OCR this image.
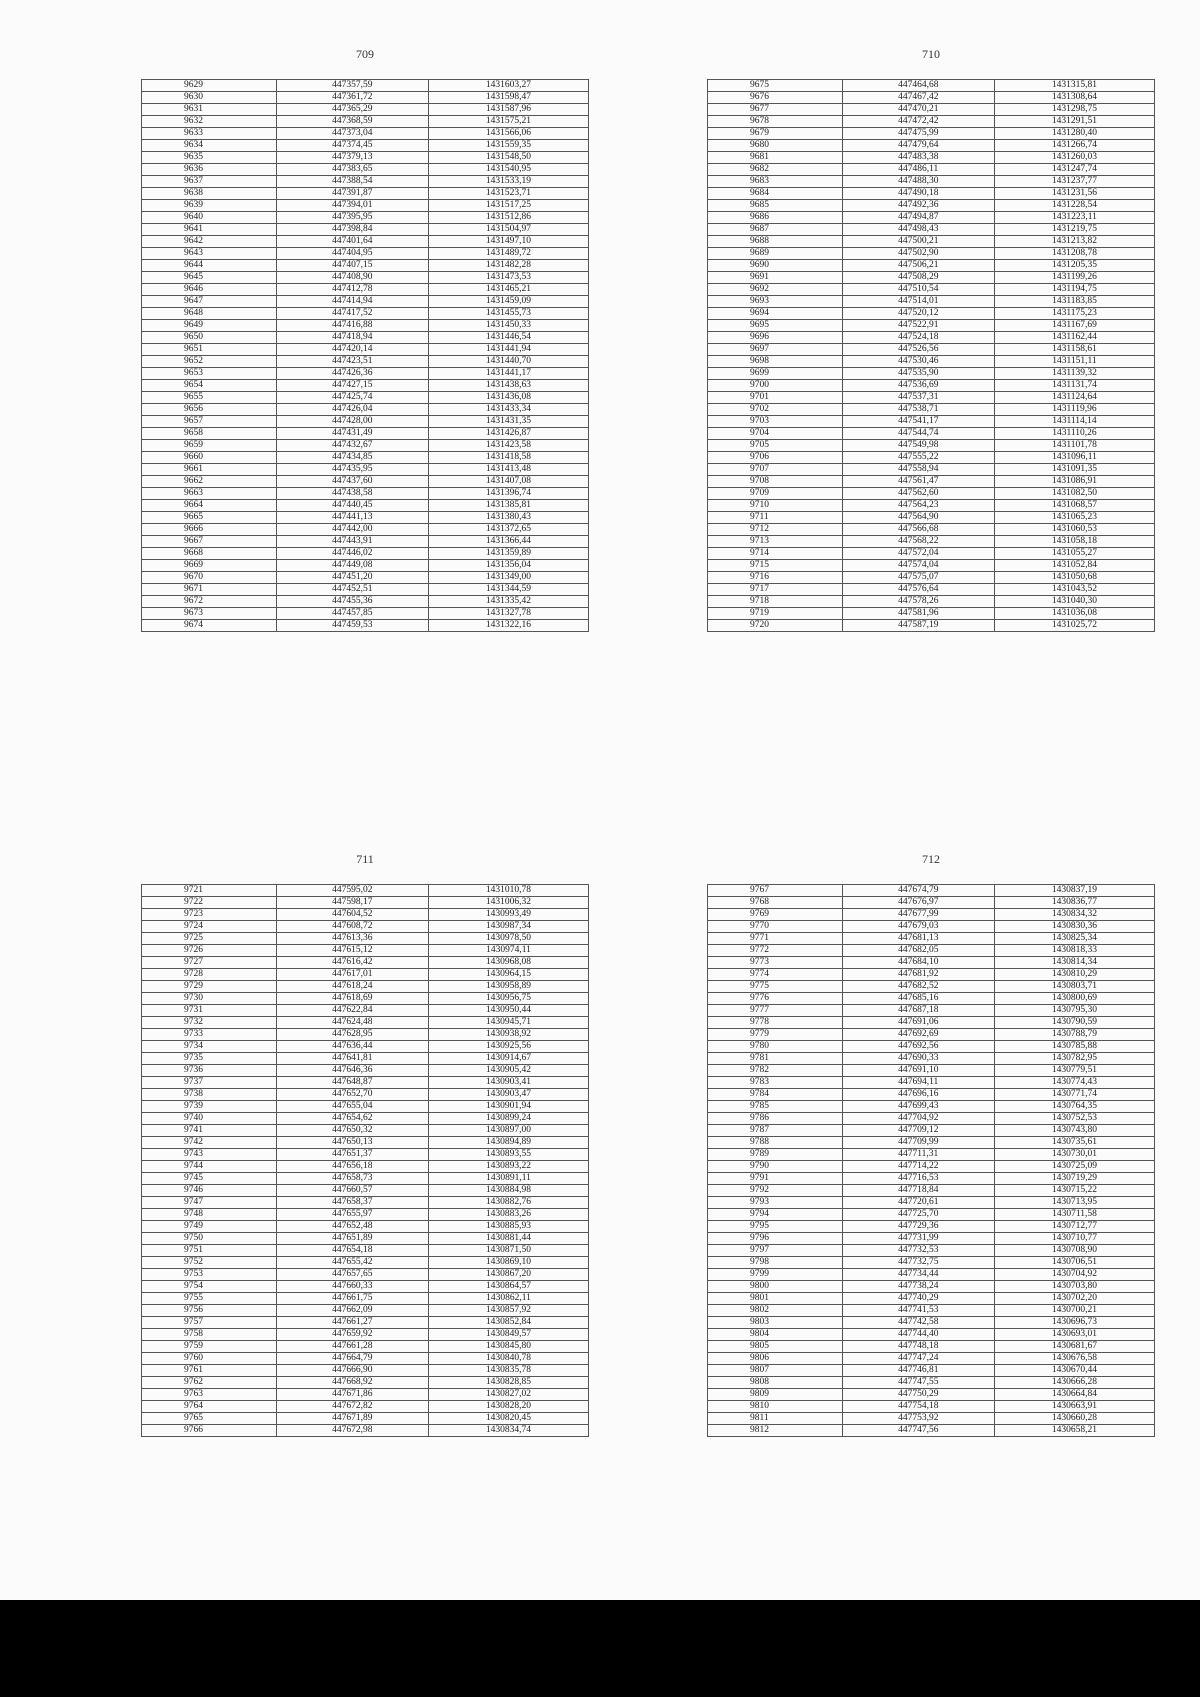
709
9629	447357,59	1431603,27
9630	447361,72	1431598,47
9631	447365,29	1431587,96
9632	447368,59	1431575,21
9633	447373,04	1431566,06
9634	447374,45	1431559,35
9635	447379,13	1431548,50
9636	447383,65	1431540,95
9637	447388,54	1431533,19
9638	447391,87	1431523,71
9639	447394,01	1431517,25
9640	447395,95	1431512,86
9641	447398,84	1431504,97
9642	447401,64	1431497,10
9643	447404,95	1431489,72
9644	447407,15	1431482,28
9645	447408,90	1431473,53
9646	447412,78	1431465,21
9647	447414,94	1431459,09
9648	447417,52	1431455,73
9649	447416,88	1431450,33
9650	447418,94	1431446,54
9651	447420,14	1431441,94
9652	447423,51	1431440,70
9653	447426,36	1431441,17
9654	447427,15	1431438,63
9655	447425,74	1431436,08
9656	447426,04	1431433,34
9657	447428,00	1431431,35
9658	447431,49	1431426,87
9659	447432,67	1431423,58
9660	447434,85	1431418,58
9661	447435,95	1431413,48
9662	447437,60	1431407,08
9663	447438,58	1431396,74
9664	447440,45	1431385,81
9665	447441,13	1431380,43
9666	447442,00	1431372,65
9667	447443,91	1431366,44
9668	447446,02	1431359,89
9669	447449,08	1431356,04
9670	447451,20	1431349,00
9671	447452,51	1431344,59
9672	447455,36	1431335,42
9673	447457,85	1431327,78
9674	447459,53	1431322,16
710
9675	447464,68	1431315,81
9676	447467,42	1431308,64
9677	447470,21	1431298,75
9678	447472,42	1431291,51
9679	447475,99	1431280,40
9680	447479,64	1431266,74
9681	447483,38	1431260,03
9682	447486,11	1431247,74
9683	447488,30	1431237,77
9684	447490,18	1431231,56
9685	447492,36	1431228,54
9686	447494,87	1431223,11
9687	447498,43	1431219,75
9688	447500,21	1431213,82
9689	447502,90	1431208,78
9690	447506,21	1431205,35
9691	447508,29	1431199,26
9692	447510,54	1431194,75
9693	447514,01	1431183,85
9694	447520,12	1431175,23
9695	447522,91	1431167,69
9696	447524,18	1431162,44
9697	447526,56	1431158,61
9698	447530,46	1431151,11
9699	447535,90	1431139,32
9700	447536,69	1431131,74
9701	447537,31	1431124,64
9702	447538,71	1431119,96
9703	447541,17	1431114,14
9704	447544,74	1431110,26
9705	447549,98	1431101,78
9706	447555,22	1431096,11
9707	447558,94	1431091,35
9708	447561,47	1431086,91
9709	447562,60	1431082,50
9710	447564,23	1431068,57
9711	447564,90	1431065,23
9712	447566,68	1431060,53
9713	447568,22	1431058,18
9714	447572,04	1431055,27
9715	447574,04	1431052,84
9716	447575,07	1431050,68
9717	447576,64	1431043,52
9718	447578,26	1431040,30
9719	447581,96	1431036,08
9720	447587,19	1431025,72
711
9721	447595,02	1431010,78
9722	447598,17	1431006,32
9723	447604,52	1430993,49
9724	447608,72	1430987,34
9725	447613,36	1430978,50
9726	447615,12	1430974,11
9727	447616,42	1430968,08
9728	447617,01	1430964,15
9729	447618,24	1430958,89
9730	447618,69	1430956,75
9731	447622,84	1430950,44
9732	447624,48	1430945,71
9733	447628,95	1430938,92
9734	447636,44	1430925,56
9735	447641,81	1430914,67
9736	447646,36	1430905,42
9737	447648,87	1430903,41
9738	447652,70	1430903,47
9739	447655,04	1430901,94
9740	447654,62	1430899,24
9741	447650,32	1430897,00
9742	447650,13	1430894,89
9743	447651,37	1430893,55
9744	447656,18	1430893,22
9745	447658,73	1430891,11
9746	447660,57	1430884,98
9747	447658,37	1430882,76
9748	447655,97	1430883,26
9749	447652,48	1430885,93
9750	447651,89	1430881,44
9751	447654,18	1430871,50
9752	447655,42	1430869,10
9753	447657,65	1430867,20
9754	447660,33	1430864,57
9755	447661,75	1430862,11
9756	447662,09	1430857,92
9757	447661,27	1430852,84
9758	447659,92	1430849,57
9759	447661,28	1430845,80
9760	447664,79	1430840,78
9761	447666,90	1430835,78
9762	447668,92	1430828,85
9763	447671,86	1430827,02
9764	447672,82	1430828,20
9765	447671,89	1430820,45
9766	447672,98	1430834,74
712
9767	447674,79	1430837,19
9768	447676,97	1430836,77
9769	447677,99	1430834,32
9770	447679,03	1430830,36
9771	447681,13	1430825,34
9772	447682,05	1430818,33
9773	447684,10	1430814,34
9774	447681,92	1430810,29
9775	447682,52	1430803,71
9776	447685,16	1430800,69
9777	447687,18	1430795,30
9778	447691,06	1430790,59
9779	447692,69	1430788,79
9780	447692,56	1430785,88
9781	447690,33	1430782,95
9782	447691,10	1430779,51
9783	447694,11	1430774,43
9784	447696,16	1430771,74
9785	447699,43	1430764,35
9786	447704,92	1430752,53
9787	447709,12	1430743,80
9788	447709,99	1430735,61
9789	447711,31	1430730,01
9790	447714,22	1430725,09
9791	447716,53	1430719,29
9792	447718,84	1430715,22
9793	447720,61	1430713,95
9794	447725,70	1430711,58
9795	447729,36	1430712,77
9796	447731,99	1430710,77
9797	447732,53	1430708,90
9798	447732,75	1430706,51
9799	447734,44	1430704,92
9800	447738,24	1430703,80
9801	447740,29	1430702,20
9802	447741,53	1430700,21
9803	447742,58	1430696,73
9804	447744,40	1430693,01
9805	447748,18	1430681,67
9806	447747,24	1430676,58
9807	447746,81	1430670,44
9808	447747,55	1430666,28
9809	447750,29	1430664,84
9810	447754,18	1430663,91
9811	447753,92	1430660,28
9812	447747,56	1430658,21
